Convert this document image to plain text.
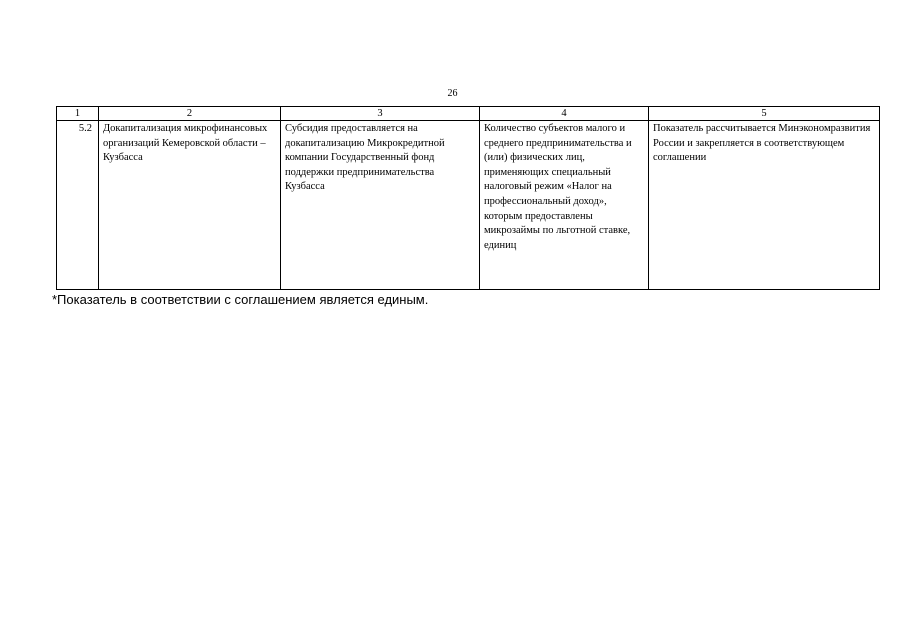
26
1	2	3	4	5
5.2	Докапитализация микрофинансовых организаций Кемеровской области – Кузбасса	Субсидия предоставляется на докапитализацию Микрокредитной компании Государственный фонд поддержки предпринимательства Кузбасса	Количество субъектов малого и среднего предпринимательства и (или) физических лиц, применяющих специальный налоговый режим «Налог на профессиональный доход», которым предоставлены микрозаймы по льготной ставке, единиц	Показатель рассчитывается Минэкономразвития России и закрепляется в соответствующем соглашении
*Показатель в соответствии с соглашением является единым.
